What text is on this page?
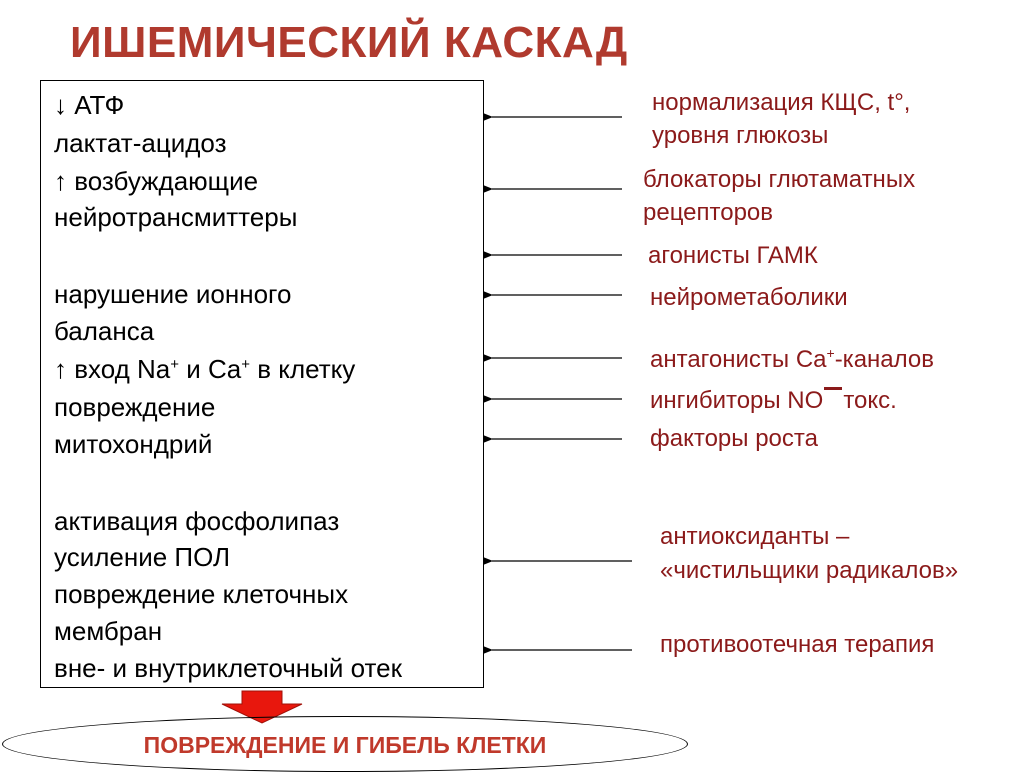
ИШЕМИЧЕСКИЙ КАСКАД
↓ АТФ
лактат-ацидоз
↑ возбуждающие
нейротрансмиттеры
нарушение ионного
баланса
↑ вход Na+ и Ca+ в клетку
повреждение
митохондрий
активация фосфолипаз
усиление ПОЛ
повреждение клеточных
мембран
вне- и внутриклеточный отек
нормализация КЩС, t°,
уровня глюкозы
блокаторы глютаматных
рецепторов
агонисты ГАМК
нейрометаболики
антагонисты Ca+-каналов
ингибиторы NO токс.
факторы роста
антиоксиданты –
«чистильщики радикалов»
противоотечная терапия
ПОВРЕЖДЕНИЕ И ГИБЕЛЬ КЛЕТКИ
